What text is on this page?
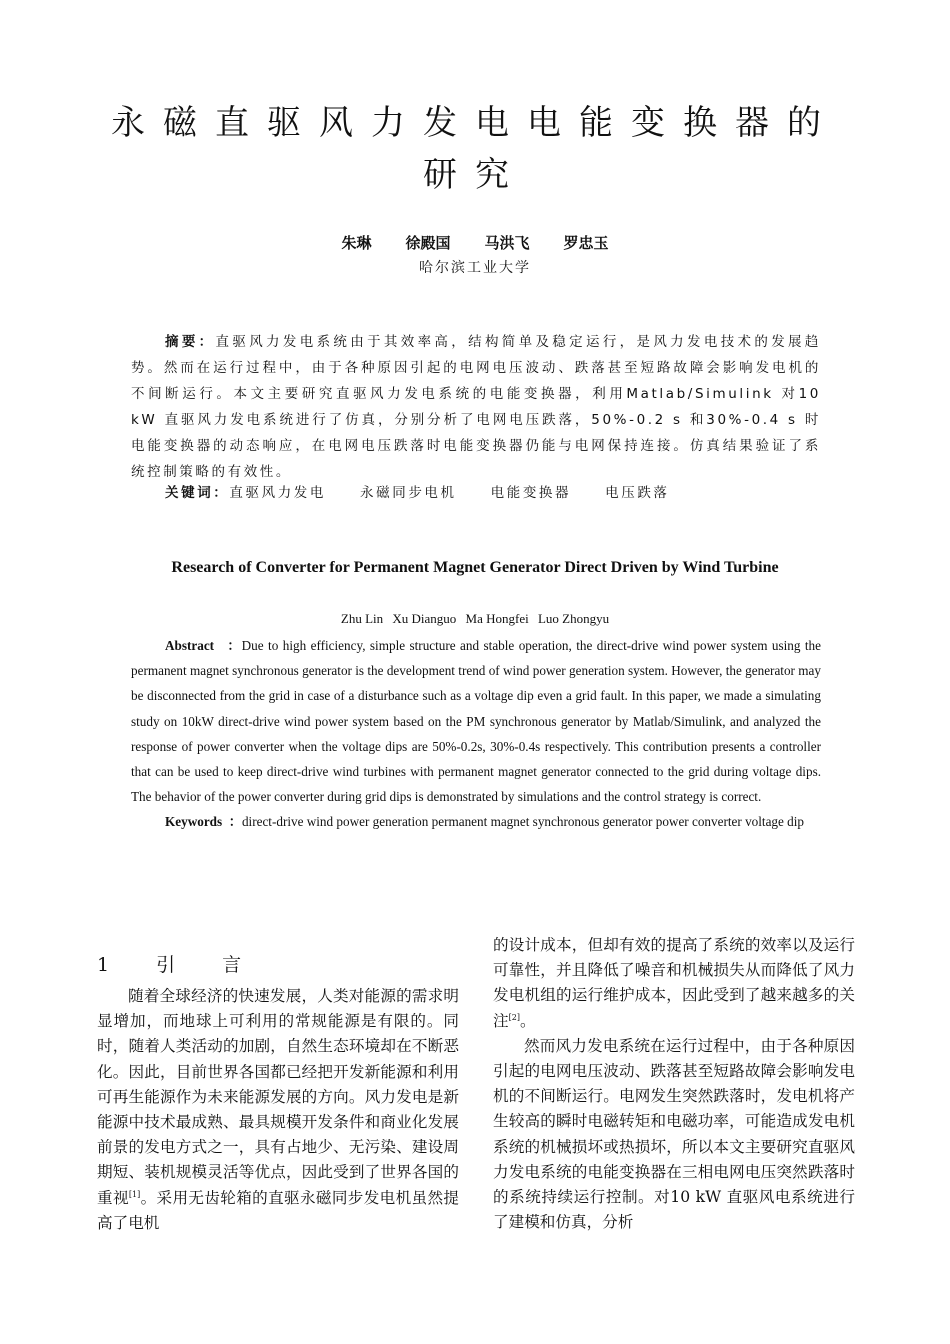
永磁直驱风力发电电能变换器的
研究
朱琳 徐殿国 马洪飞 罗忠玉
哈尔滨工业大学

摘要：直驱风力发电系统由于其效率高，结构简单及稳定运行，是风力发电技术的发展趋势。然而在运行过程中，由于各种原因引起的电网电压波动、跌落甚至短路故障会影响发电机的不间断运行。本文主要研究直驱风力发电系统的电能变换器，利用Matlab/Simulink 对10 kW 直驱风力发电系统进行了仿真，分别分析了电网电压跌落，50%-0.2 s 和30%-0.4 s 时电能变换器的动态响应，在电网电压跌落时电能变换器仍能与电网保持连接。仿真结果验证了系统控制策略的有效性。

关键词：直驱风力发电	永磁同步电机	电能变换器	电压跌落
Research of Converter for Permanent Magnet Generator Direct Driven by Wind Turbine
Zhu Lin Xu Dianguo Ma Hongfei Luo Zhongyu

Abstract ：Due to high efficiency, simple structure and stable operation, the direct-drive wind power system using the permanent magnet synchronous generator is the development trend of wind power generation system. However, the generator may be disconnected from the grid in case of a disturbance such as a voltage dip even a grid fault. In this paper, we made a simulating study on 10kW direct-drive wind power system based on the PM synchronous generator by Matlab/Simulink, and analyzed the response of power converter when the voltage dips are 50%-0.2s, 30%-0.4s respectively. This contribution presents a controller that can be used to keep direct-drive wind turbines with permanent magnet generator connected to the grid during voltage dips. The behavior of the power converter during grid dips is demonstrated by simulations and the control strategy is correct.

Keywords ：direct-drive wind power generation permanent magnet synchronous generator power converter voltage dip

1　引　言

随着全球经济的快速发展，人类对能源的需求明显增加，而地球上可利用的常规能源是有限的。同时，随着人类活动的加剧，自然生态环境却在不断恶化。因此，目前世界各国都已经把开发新能源和利用可再生能源作为未来能源发展的方向。风力发电是新能源中技术最成熟、最具规模开发条件和商业化发展前景的发电方式之一，具有占地少、无污染、建设周期短、装机规模灵活等优点，因此受到了世界各国的重视[1]。采用无齿轮箱的直驱永磁同步发电机虽然提高了电机

的设计成本，但却有效的提高了系统的效率以及运行可靠性，并且降低了噪音和机械损失从而降低了风力发电机组的运行维护成本，因此受到了越来越多的关注[2]。

然而风力发电系统在运行过程中，由于各种原因引起的电网电压波动、跌落甚至短路故障会影响发电机的不间断运行。电网发生突然跌落时，发电机将产生较高的瞬时电磁转矩和电磁功率，可能造成发电机系统的机械损坏或热损坏，所以本文主要研究直驱风力发电系统的电能变换器在三相电网电压突然跌落时的系统持续运行控制。对10 kW 直驱风电系统进行了建模和仿真，分析
